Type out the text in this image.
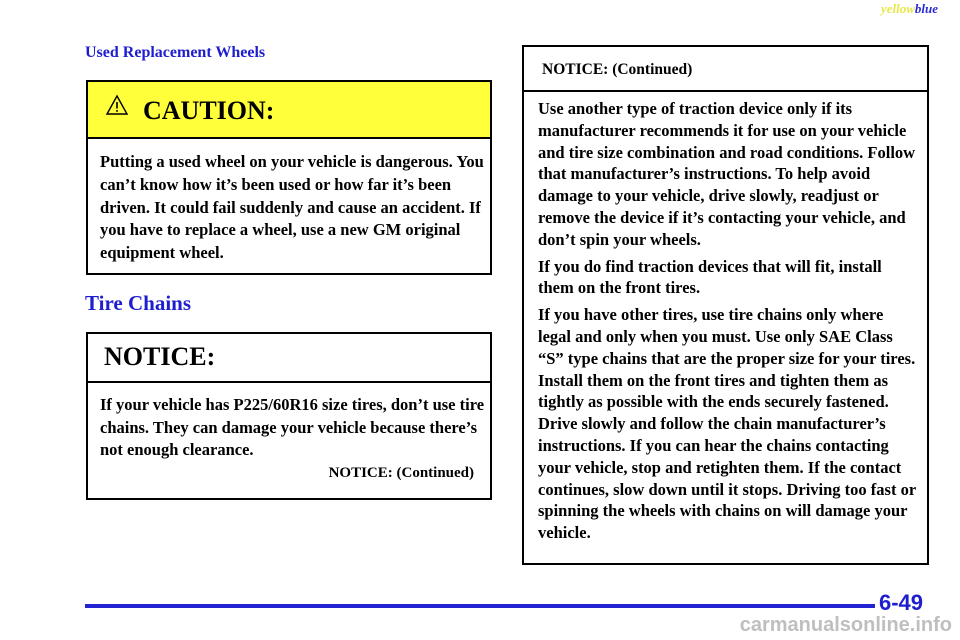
yellowblue
Used Replacement Wheels
CAUTION:
Putting a used wheel on your vehicle is dangerous. You can’t know how it’s been used or how far it’s been driven. It could fail suddenly and cause an accident. If you have to replace a wheel, use a new GM original equipment wheel.
Tire Chains
NOTICE:
If your vehicle has P225/60R16 size tires, don’t use tire chains. They can damage your vehicle because there’s not enough clearance.
NOTICE: (Continued)
NOTICE: (Continued)

Use another type of traction device only if its manufacturer recommends it for use on your vehicle and tire size combination and road conditions. Follow that manufacturer’s instructions. To help avoid damage to your vehicle, drive slowly, readjust or remove the device if it’s contacting your vehicle, and don’t spin your wheels.

If you do find traction devices that will fit, install them on the front tires.

If you have other tires, use tire chains only where legal and only when you must. Use only SAE Class “S” type chains that are the proper size for your tires. Install them on the front tires and tighten them as tightly as possible with the ends securely fastened. Drive slowly and follow the chain manufacturer’s instructions. If you can hear the chains contacting your vehicle, stop and retighten them. If the contact continues, slow down until it stops. Driving too fast or spinning the wheels with chains on will damage your vehicle.

6-49
carmanualsonline.info
